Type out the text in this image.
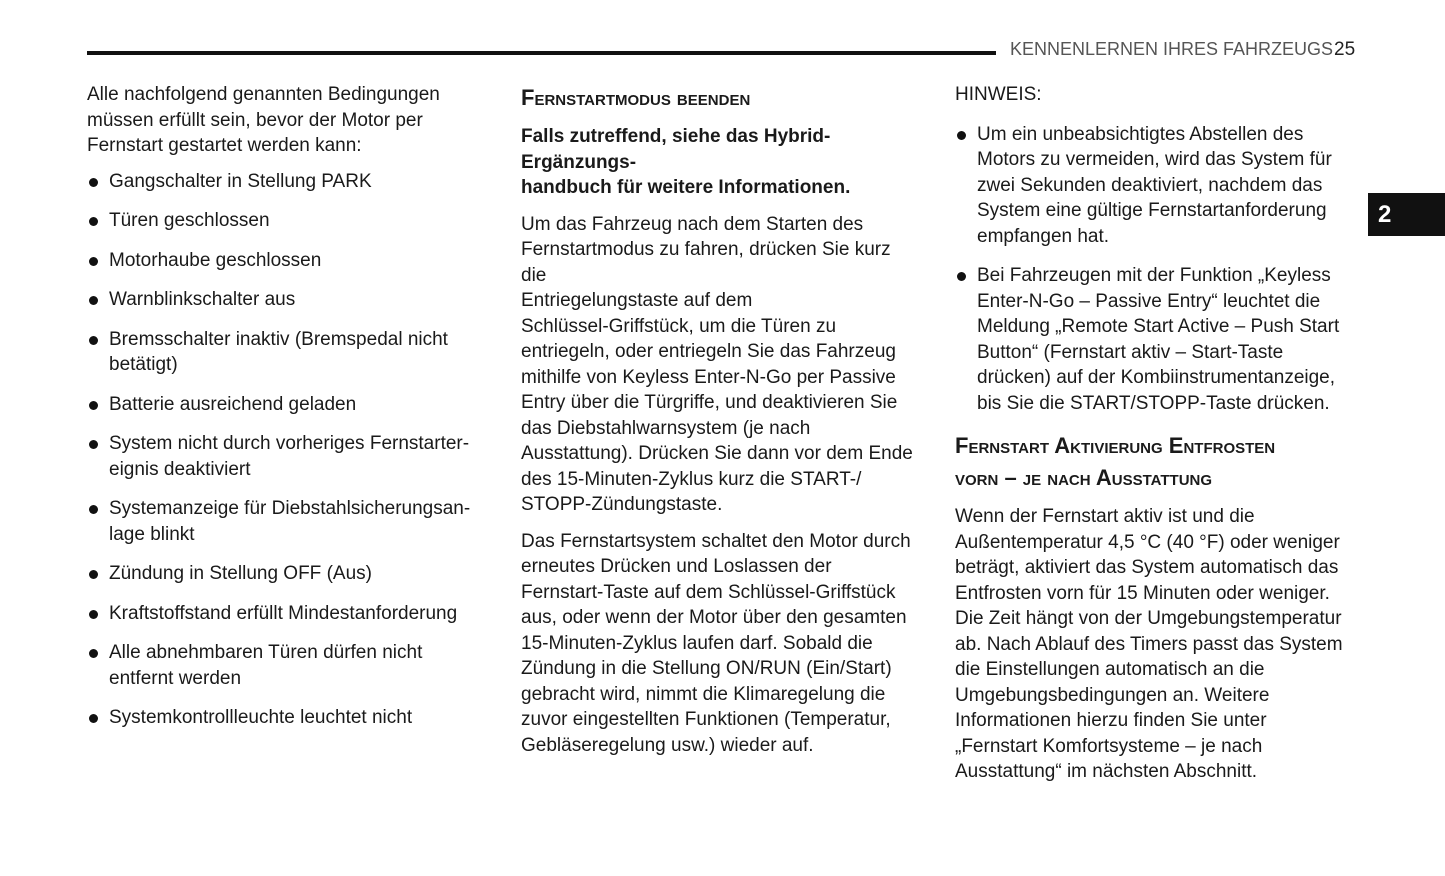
KENNENLERNEN IHRES FAHRZEUGS 25
2

Alle nachfolgend genannten Bedingungen
müssen erfüllt sein, bevor der Motor per
Fernstart gestartet werden kann:

Gangschalter in Stellung PARK
Türen geschlossen
Motorhaube geschlossen
Warnblinkschalter aus
Bremsschalter inaktiv (Bremspedal nicht
betätigt)
Batterie ausreichend geladen
System nicht durch vorheriges Fernstarter-
eignis deaktiviert
Systemanzeige für Diebstahlsicherungsan-
lage blinkt
Zündung in Stellung OFF (Aus)
Kraftstoffstand erfüllt Mindestanforderung
Alle abnehmbaren Türen dürfen nicht
entfernt werden
Systemkontrollleuchte leuchtet nicht
Fernstartmodus beenden

Falls zutreffend, siehe das Hybrid-Ergänzungs-
handbuch für weitere Informationen.

Um das Fahrzeug nach dem Starten des
Fernstartmodus zu fahren, drücken Sie kurz die
Entriegelungstaste auf dem
Schlüssel-Griffstück, um die Türen zu
entriegeln, oder entriegeln Sie das Fahrzeug
mithilfe von Keyless Enter-N-Go per Passive
Entry über die Türgriffe, und deaktivieren Sie
das Diebstahlwarnsystem (je nach
Ausstattung). Drücken Sie dann vor dem Ende
des 15-Minuten-Zyklus kurz die START-/
STOPP-Zündungstaste.

Das Fernstartsystem schaltet den Motor durch
erneutes Drücken und Loslassen der
Fernstart-Taste auf dem Schlüssel-Griffstück
aus, oder wenn der Motor über den gesamten
15-Minuten-Zyklus laufen darf. Sobald die
Zündung in die Stellung ON/RUN (Ein/Start)
gebracht wird, nimmt die Klimaregelung die
zuvor eingestellten Funktionen (Temperatur,
Gebläseregelung usw.) wieder auf.

HINWEIS:

Um ein unbeabsichtigtes Abstellen des
Motors zu vermeiden, wird das System für
zwei Sekunden deaktiviert, nachdem das
System eine gültige Fernstartanforderung
empfangen hat.
Bei Fahrzeugen mit der Funktion „Keyless
Enter-N-Go – Passive Entry“ leuchtet die
Meldung „Remote Start Active – Push Start
Button“ (Fernstart aktiv – Start-Taste
drücken) auf der Kombiinstrumentanzeige,
bis Sie die START/STOPP-Taste drücken.
Fernstart Aktivierung Entfrosten
vorn – je nach Ausstattung

Wenn der Fernstart aktiv ist und die
Außentemperatur 4,5 °C (40 °F) oder weniger
beträgt, aktiviert das System automatisch das
Entfrosten vorn für 15 Minuten oder weniger.
Die Zeit hängt von der Umgebungstemperatur
ab. Nach Ablauf des Timers passt das System
die Einstellungen automatisch an die
Umgebungsbedingungen an. Weitere
Informationen hierzu finden Sie unter
„Fernstart Komfortsysteme – je nach
Ausstattung“ im nächsten Abschnitt.
